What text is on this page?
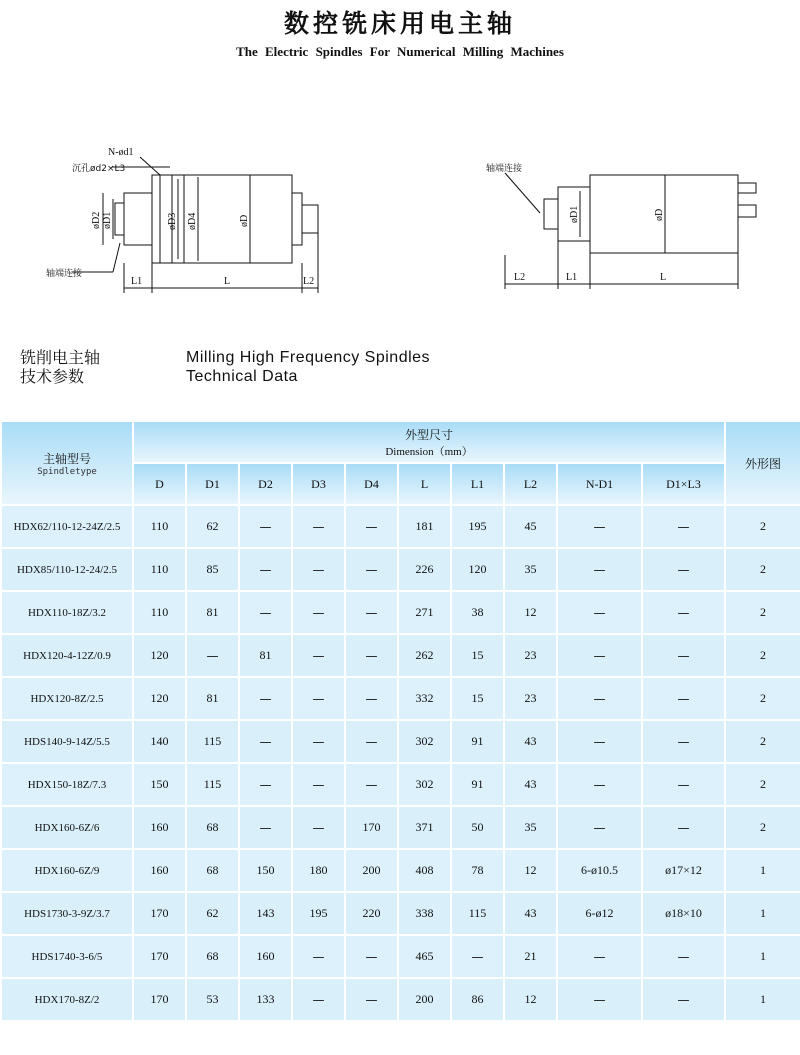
数控铣床用电主轴
The Electric Spindles For Numerical Milling Machines
N-ød1
沉孔ød2×L3
øD2 øD1	øD3 øD4	øD
轴端连接
L1	L	L2
轴端连接
øD1	øD
L2	L1	L
铣削电主轴
技术参数
Milling High Frequency Spindles
Technical Data
主轴型号
Spindletype	外型尺寸
Dimension（mm）										外形图

	D	D1	D2	D3	D4	L	L1	L2	N-D1	D1×L3	
HDX62/110-12-24Z/2.5	110	62	—	—	—	181	195	45	—	—	2
HDX85/110-12-24/2.5	110	85	—	—	—	226	120	35	—	—	2
HDX110-18Z/3.2	110	81	—	—	—	271	38	12	—	—	2
HDX120-4-12Z/0.9	120	—	81	—	—	262	15	23	—	—	2
HDX120-8Z/2.5	120	81	—	—	—	332	15	23	—	—	2
HDS140-9-14Z/5.5	140	115	—	—	—	302	91	43	—	—	2
HDX150-18Z/7.3	150	115	—	—	—	302	91	43	—	—	2
HDX160-6Z/6	160	68	—	—	170	371	50	35	—	—	2
HDX160-6Z/9	160	68	150	180	200	408	78	12	6-ø10.5	ø17×12	1
HDS1730-3-9Z/3.7	170	62	143	195	220	338	115	43	6-ø12	ø18×10	1
HDS1740-3-6/5	170	68	160	—	—	465	—	21	—	—	1
HDX170-8Z/2	170	53	133	—	—	200	86	12	—	—	1
